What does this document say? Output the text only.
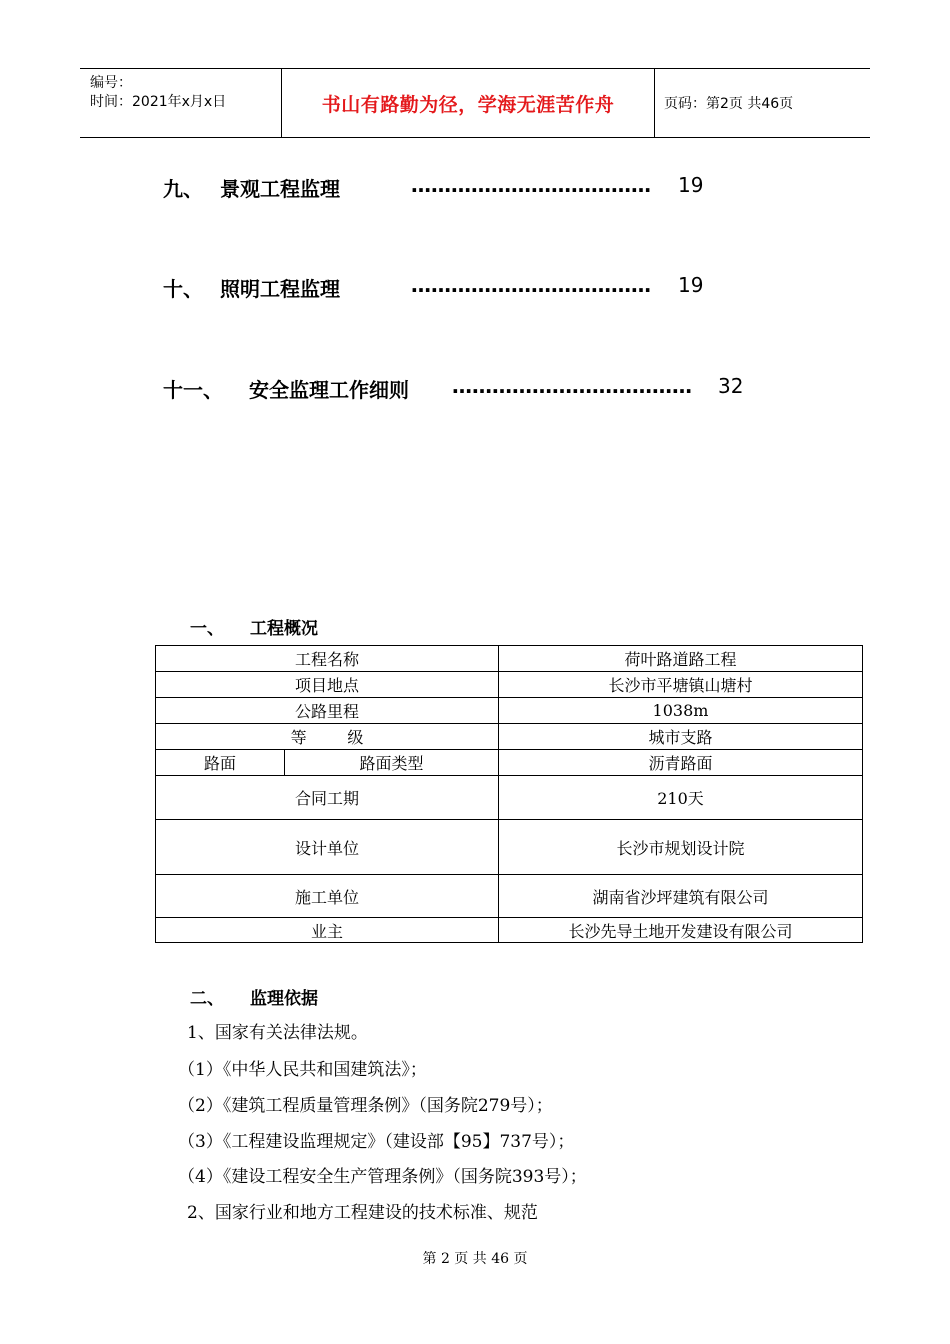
编号：
时间：2021年x月x日	书山有路勤为径，学海无涯苦作舟	页码：第2页 共46页
九、 景观工程监理	……………………………… 19
十、 照明工程监理	……………………………… 19
十一、 安全监理工作细则 ……………………………… 32
一、 工程概况
工程名称		荷叶路道路工程
项目地点		长沙市平塘镇山塘村
公路里程		1038m
等        级		城市支路
路面	路面类型	沥青路面
合同工期		210天
设计单位		长沙市规划设计院
施工单位		湖南省沙坪建筑有限公司
业主		长沙先导土地开发建设有限公司
二、 监理依据
1、国家有关法律法规。
（1）《中华人民共和国建筑法》；
（2）《建筑工程质量管理条例》（国务院279号）；
（3）《工程建设监理规定》（建设部【95】737号）；
（4）《建设工程安全生产管理条例》（国务院393号）；
2、国家行业和地方工程建设的技术标准、规范
第 2 页 共 46 页
